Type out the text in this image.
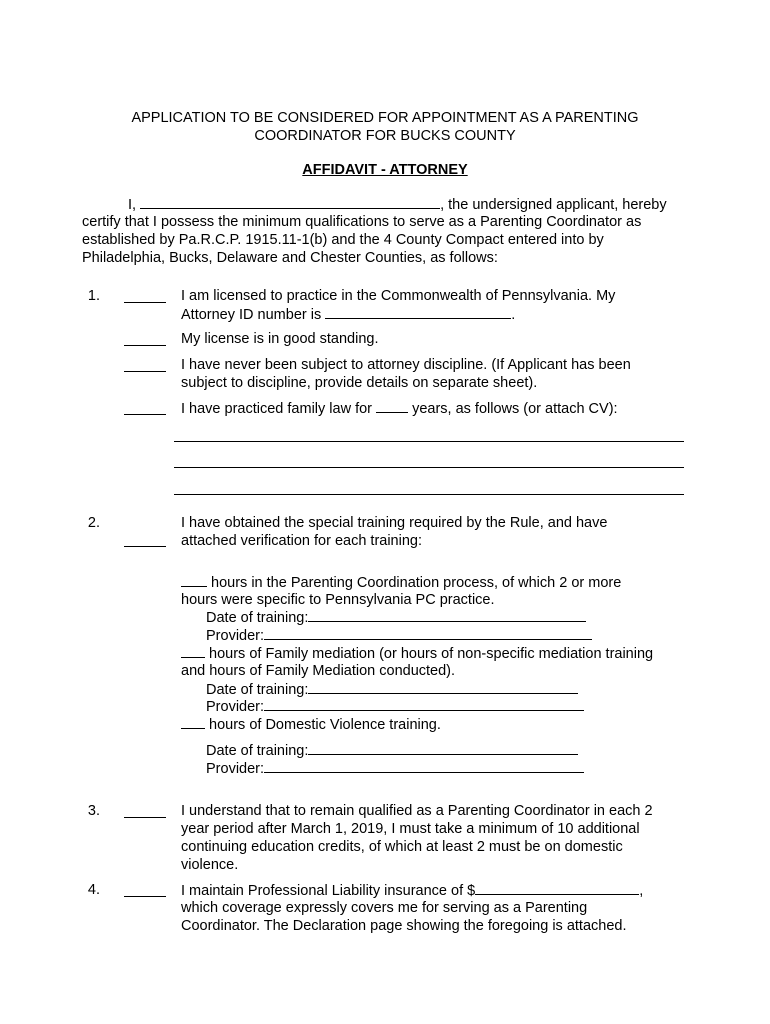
APPLICATION TO BE CONSIDERED FOR APPOINTMENT AS A PARENTING
COORDINATOR FOR BUCKS COUNTY
AFFIDAVIT - ATTORNEY
I,	, the undersigned applicant, hereby
certify that I possess the minimum qualifications to serve as a Parenting Coordinator as
established by Pa.R.C.P. 1915.11-1(b) and the 4 County Compact entered into by
Philadelphia, Bucks, Delaware and Chester Counties, as follows:
1.	I am licensed to practice in the Commonwealth of Pennsylvania. My
Attorney ID number is	.
My license is in good standing.
I have never been subject to attorney discipline. (If Applicant has been
subject to discipline, provide details on separate sheet).
I have practiced family law for	years, as follows (or attach CV):
2.	I have obtained the special training required by the Rule, and have
attached verification for each training:
hours in the Parenting Coordination process, of which 2 or more
hours were specific to Pennsylvania PC practice.
Date of training:
Provider:
hours of Family mediation (or hours of non-specific mediation training
and hours of Family Mediation conducted).
Date of training:
Provider:
hours of Domestic Violence training.
Date of training:
Provider:
3.	I understand that to remain qualified as a Parenting Coordinator in each 2
year period after March 1, 2019, I must take a minimum of 10 additional
continuing education credits, of which at least 2 must be on domestic
violence.
4.	I maintain Professional Liability insurance of $	,
which coverage expressly covers me for serving as a Parenting
Coordinator. The Declaration page showing the foregoing is attached.
